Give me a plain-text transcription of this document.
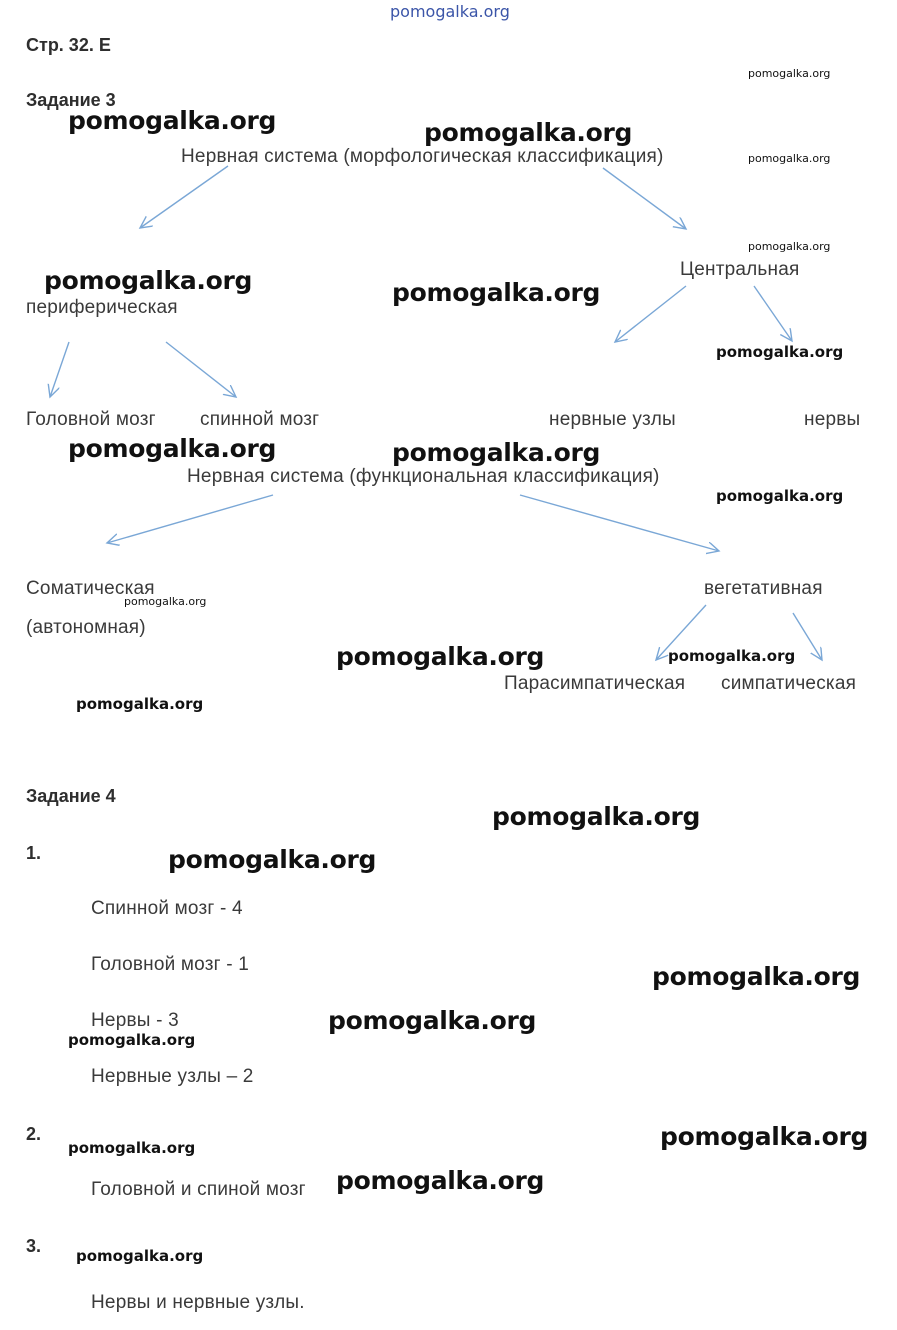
pomogalka.org
Стр. 32. Е
Задание 3
Нервная система (морфологическая классификация)
Центральная
периферическая
Головной мозг спинной мозг	нервные узлы	нервы
Нервная система (функциональная классификация)
Соматическая
(автономная)
вегетативная
Парасимпатическая симпатическая
Задание 4
1.
Спинной мозг - 4
Головной мозг - 1
Нервы - 3
Нервные узлы – 2
2.
Головной и спиной мозг
3.
Нервы и нервные узлы.
pomogalka.org
pomogalka.org	pomogalka.org
pomogalka.org
pomogalka.org
pomogalka.org	pomogalka.org
pomogalka.org
pomogalka.org	pomogalka.org
pomogalka.org
pomogalka.org
pomogalka.org	pomogalka.org
pomogalka.org
pomogalka.org
pomogalka.org
pomogalka.org
pomogalka.org
pomogalka.org
pomogalka.org
pomogalka.org
pomogalka.org
pomogalka.org
